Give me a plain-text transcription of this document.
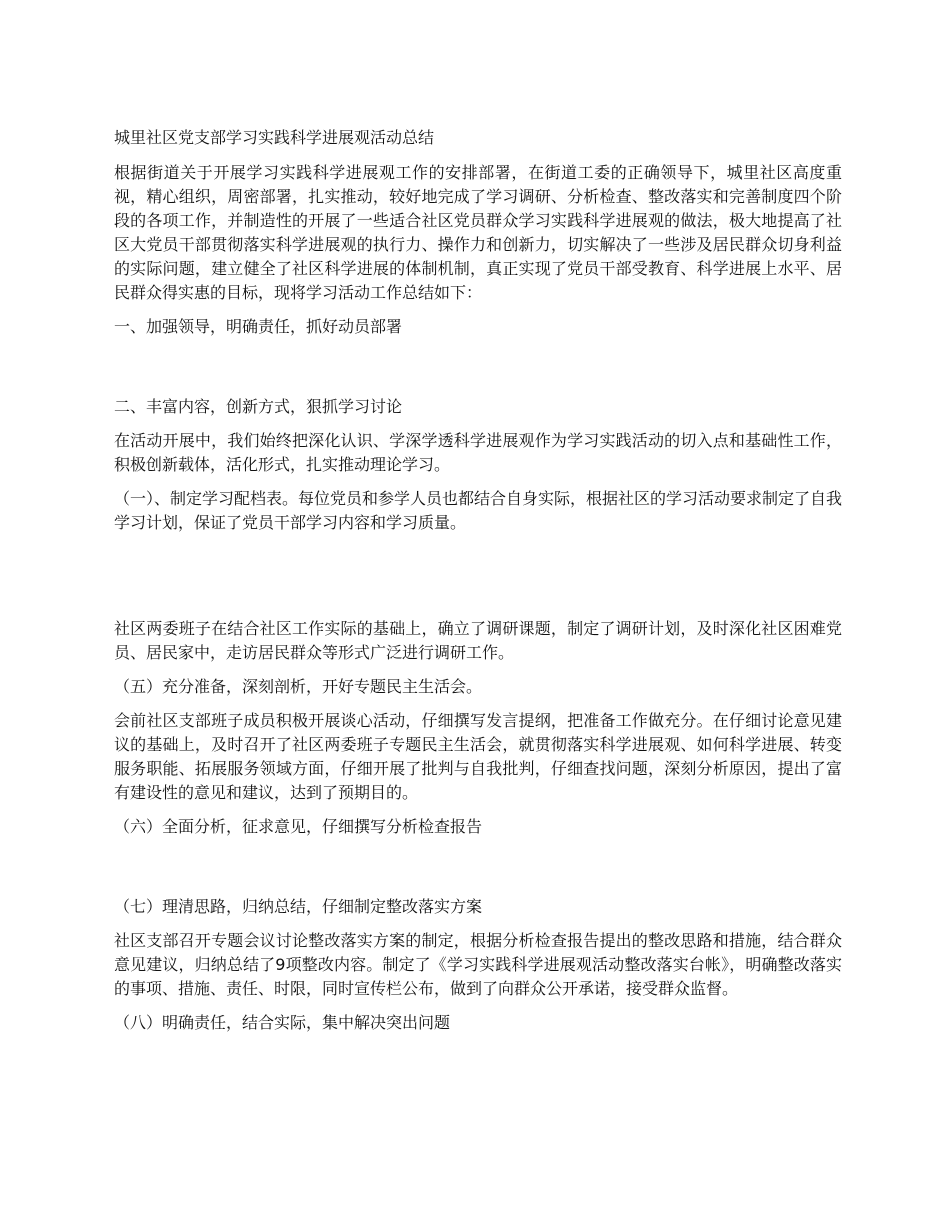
城里社区党支部学习实践科学进展观活动总结

根据街道关于开展学习实践科学进展观工作的安排部署，在街道工委的正确领导下，城里社区高度重视，精心组织，周密部署，扎实推动，较好地完成了学习调研、分析检查、整改落实和完善制度四个阶段的各项工作，并制造性的开展了一些适合社区党员群众学习实践科学进展观的做法，极大地提高了社区大党员干部贯彻落实科学进展观的执行力、操作力和创新力，切实解决了一些涉及居民群众切身利益的实际问题，建立健全了社区科学进展的体制机制，真正实现了党员干部受教育、科学进展上水平、居民群众得实惠的目标，现将学习活动工作总结如下：

一、加强领导，明确责任，抓好动员部署

二、丰富内容，创新方式，狠抓学习讨论

在活动开展中，我们始终把深化认识、学深学透科学进展观作为学习实践活动的切入点和基础性工作，积极创新载体，活化形式，扎实推动理论学习。

（一）、制定学习配档表。每位党员和参学人员也都结合自身实际，根据社区的学习活动要求制定了自我学习计划，保证了党员干部学习内容和学习质量。

社区两委班子在结合社区工作实际的基础上，确立了调研课题，制定了调研计划，及时深化社区困难党员、居民家中，走访居民群众等形式广泛进行调研工作。

（五）充分准备，深刻剖析，开好专题民主生活会。

会前社区支部班子成员积极开展谈心活动，仔细撰写发言提纲，把准备工作做充分。在仔细讨论意见建议的基础上，及时召开了社区两委班子专题民主生活会，就贯彻落实科学进展观、如何科学进展、转变服务职能、拓展服务领域方面，仔细开展了批判与自我批判，仔细查找问题，深刻分析原因，提出了富有建设性的意见和建议，达到了预期目的。

（六）全面分析，征求意见，仔细撰写分析检查报告

（七）理清思路，归纳总结，仔细制定整改落实方案

社区支部召开专题会议讨论整改落实方案的制定，根据分析检查报告提出的整改思路和措施，结合群众意见建议，归纳总结了9项整改内容。制定了《学习实践科学进展观活动整改落实台帐》，明确整改落实的事项、措施、责任、时限，同时宣传栏公布，做到了向群众公开承诺，接受群众监督。

（八）明确责任，结合实际，集中解决突出问题
